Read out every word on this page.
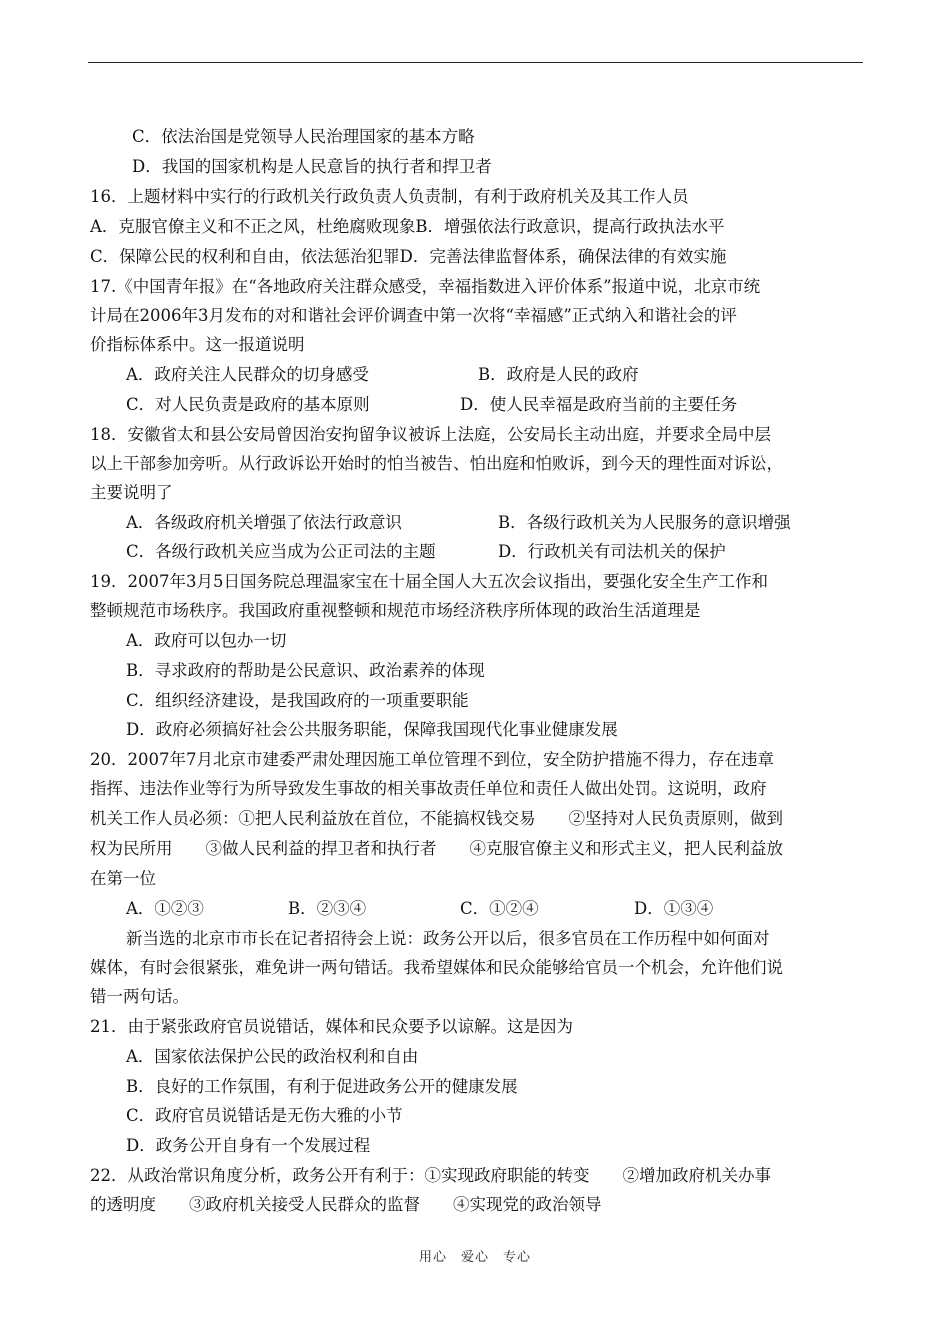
C．依法治国是党领导人民治理国家的基本方略
D．我国的国家机构是人民意旨的执行者和捍卫者
16．上题材料中实行的行政机关行政负责人负责制，有利于政府机关及其工作人员
A．克服官僚主义和不正之风，杜绝腐败现象B．增强依法行政意识，提高行政执法水平
C．保障公民的权利和自由，依法惩治犯罪D．完善法律监督体系，确保法律的有效实施
17.《中国青年报》在“各地政府关注群众感受，幸福指数进入评价体系”报道中说，北京市统
计局在2006年3月发布的对和谐社会评价调查中第一次将“幸福感”正式纳入和谐社会的评
价指标体系中。这一报道说明
A．政府关注人民群众的切身感受	B．政府是人民的政府
C．对人民负责是政府的基本原则	D．使人民幸福是政府当前的主要任务
18．安徽省太和县公安局曾因治安拘留争议被诉上法庭，公安局长主动出庭，并要求全局中层
以上干部参加旁听。从行政诉讼开始时的怕当被告、怕出庭和怕败诉，到今天的理性面对诉讼，
主要说明了
A．各级政府机关增强了依法行政意识	B．各级行政机关为人民服务的意识增强
C．各级行政机关应当成为公正司法的主题	D．行政机关有司法机关的保护
19．2007年3月5日国务院总理温家宝在十届全国人大五次会议指出，要强化安全生产工作和
整顿规范市场秩序。我国政府重视整顿和规范市场经济秩序所体现的政治生活道理是
A．政府可以包办一切
B．寻求政府的帮助是公民意识、政治素养的体现
C．组织经济建设，是我国政府的一项重要职能
D．政府必须搞好社会公共服务职能，保障我国现代化事业健康发展
20．2007年7月北京市建委严肃处理因施工单位管理不到位，安全防护措施不得力，存在违章
指挥、违法作业等行为所导致发生事故的相关事故责任单位和责任人做出处罚。这说明，政府
机关工作人员必须：①把人民利益放在首位，不能搞权钱交易　　②坚持对人民负责原则，做到
权为民所用　　③做人民利益的捍卫者和执行者　　④克服官僚主义和形式主义，把人民利益放
在第一位
A．①②③	B．②③④	C．①②④	D．①③④
新当选的北京市市长在记者招待会上说：政务公开以后，很多官员在工作历程中如何面对
媒体，有时会很紧张，难免讲一两句错话。我希望媒体和民众能够给官员一个机会，允许他们说
错一两句话。
21．由于紧张政府官员说错话，媒体和民众要予以谅解。这是因为
A．国家依法保护公民的政治权利和自由
B．良好的工作氛围，有利于促进政务公开的健康发展
C．政府官员说错话是无伤大雅的小节
D．政务公开自身有一个发展过程
22．从政治常识角度分析，政务公开有利于：①实现政府职能的转变　　②增加政府机关办事
的透明度　　③政府机关接受人民群众的监督　　④实现党的政治领导
用心　爱心　专心
